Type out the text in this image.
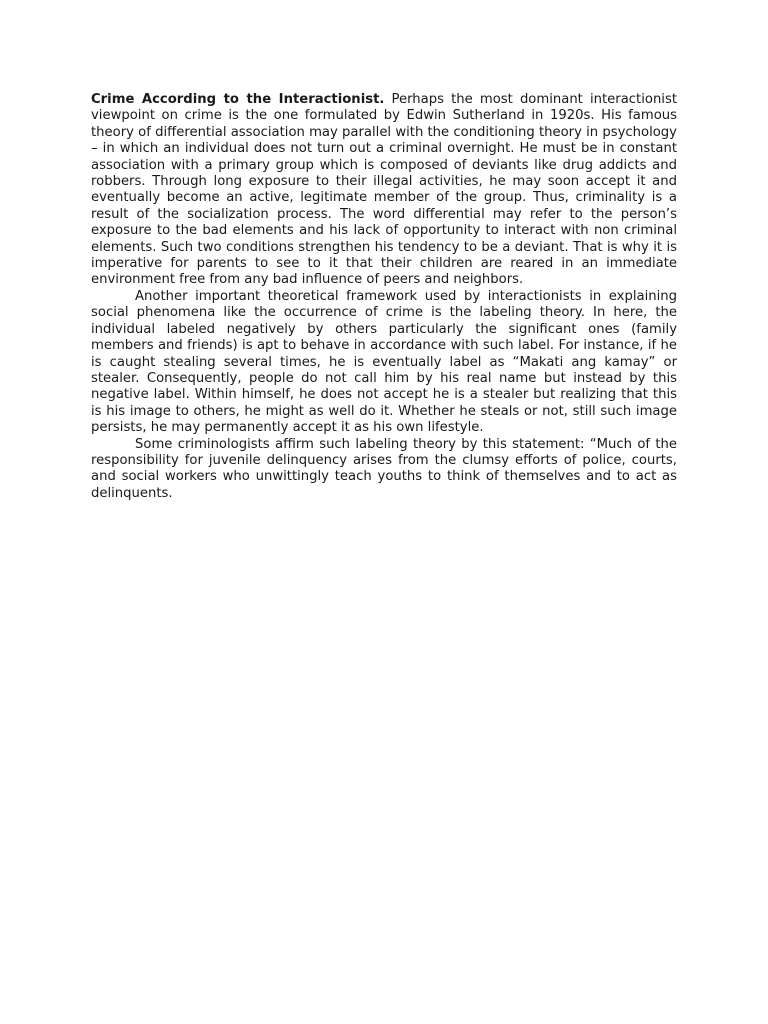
Crime According to the Interactionist. Perhaps the most dominant interactionist viewpoint on crime is the one formulated by Edwin Sutherland in 1920s. His famous theory of differential association may parallel with the conditioning theory in psychology – in which an individual does not turn out a criminal overnight. He must be in constant association with a primary group which is composed of deviants like drug addicts and robbers. Through long exposure to their illegal activities, he may soon accept it and eventually become an active, legitimate member of the group. Thus, criminality is a result of the socialization process. The word differential may refer to the person’s exposure to the bad elements and his lack of opportunity to interact with non criminal elements. Such two conditions strengthen his tendency to be a deviant. That is why it is imperative for parents to see to it that their children are reared in an immediate environment free from any bad influence of peers and neighbors.

Another important theoretical framework used by interactionists in explaining social phenomena like the occurrence of crime is the labeling theory. In here, the individual labeled negatively by others particularly the significant ones (family members and friends) is apt to behave in accordance with such label. For instance, if he is caught stealing several times, he is eventually label as “Makati ang kamay” or stealer. Consequently, people do not call him by his real name but instead by this negative label. Within himself, he does not accept he is a stealer but realizing that this is his image to others, he might as well do it. Whether he steals or not, still such image persists, he may permanently accept it as his own lifestyle.

Some criminologists affirm such labeling theory by this statement: “Much of the responsibility for juvenile delinquency arises from the clumsy efforts of police, courts, and social workers who unwittingly teach youths to think of themselves and to act as delinquents.
